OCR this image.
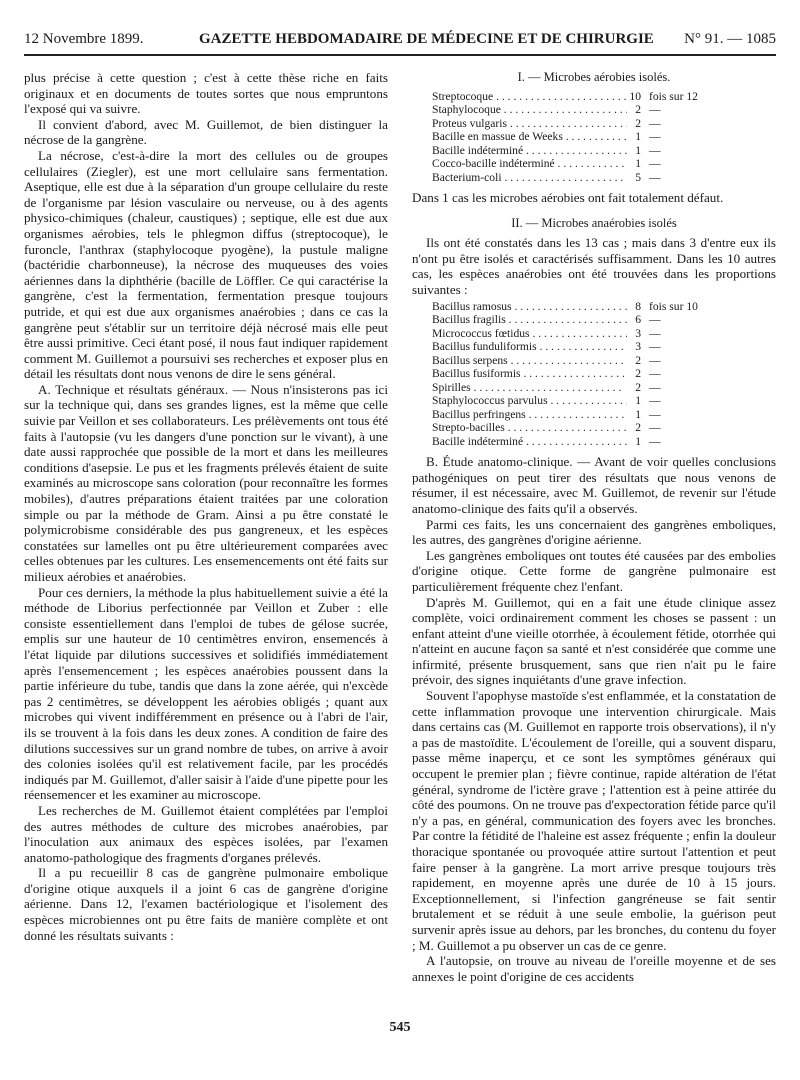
12 Novembre 1899.	GAZETTE HEBDOMADAIRE DE MÉDECINE ET DE CHIRURGIE N° 91. — 1085

plus précise à cette question ; c'est à cette thèse riche en faits originaux et en documents de toutes sortes que nous empruntons l'exposé qui va suivre.

Il convient d'abord, avec M. Guillemot, de bien distinguer la nécrose de la gangrène.

La nécrose, c'est-à-dire la mort des cellules ou de groupes cellulaires (Ziegler), est une mort cellulaire sans fermentation. Aseptique, elle est due à la séparation d'un groupe cellulaire du reste de l'organisme par lésion vasculaire ou nerveuse, ou à des agents physico-chimiques (chaleur, caustiques) ; septique, elle est due aux organismes aérobies, tels le phlegmon diffus (streptocoque), le furoncle, l'anthrax (staphylocoque pyogène), la pustule maligne (bactéridie charbonneuse), la nécrose des muqueuses des voies aériennes dans la diphthérie (bacille de Löffler. Ce qui caractérise la gangrène, c'est la fermentation, fermentation presque toujours putride, et qui est due aux organismes anaérobies ; dans ce cas la gangrène peut s'établir sur un territoire déjà nécrosé mais elle peut être aussi primitive. Ceci étant posé, il nous faut indiquer rapidement comment M. Guillemot a poursuivi ses recherches et exposer plus en détail les résultats dont nous venons de dire le sens général.

A. Technique et résultats généraux. — Nous n'insisterons pas ici sur la technique qui, dans ses grandes lignes, est la même que celle suivie par Veillon et ses collaborateurs. Les prélèvements ont tous été faits à l'autopsie (vu les dangers d'une ponction sur le vivant), à une date aussi rapprochée que possible de la mort et dans les meilleures conditions d'asepsie. Le pus et les fragments prélevés étaient de suite examinés au microscope sans coloration (pour reconnaître les formes mobiles), d'autres préparations étaient traitées par une coloration simple ou par la méthode de Gram. Ainsi a pu être constaté le polymicrobisme considérable des pus gangreneux, et les espèces constatées sur lamelles ont pu être ultérieurement comparées avec celles obtenues par les cultures. Les ensemencements ont été faits sur milieux aérobies et anaérobies.

Pour ces derniers, la méthode la plus habituellement suivie a été la méthode de Liborius perfectionnée par Veillon et Zuber : elle consiste essentiellement dans l'emploi de tubes de gélose sucrée, emplis sur une hauteur de 10 centimètres environ, ensemencés à l'état liquide par dilutions successives et solidifiés immédiatement après l'ensemencement ; les espèces anaérobies poussent dans la partie inférieure du tube, tandis que dans la zone aérée, qui n'excède pas 2 centimètres, se développent les aérobies obligés ; quant aux microbes qui vivent indifféremment en présence ou à l'abri de l'air, ils se trouvent à la fois dans les deux zones. A condition de faire des dilutions successives sur un grand nombre de tubes, on arrive à avoir des colonies isolées qu'il est relativement facile, par les procédés indiqués par M. Guillemot, d'aller saisir à l'aide d'une pipette pour les réensemencer et les examiner au microscope.

Les recherches de M. Guillemot étaient complétées par l'emploi des autres méthodes de culture des microbes anaérobies, par l'inoculation aux animaux des espèces isolées, par l'examen anatomo-pathologique des fragments d'organes prélevés.

Il a pu recueillir 8 cas de gangrène pulmonaire embolique d'origine otique auxquels il a joint 6 cas de gangrène d'origine aérienne. Dans 12, l'examen bactériologique et l'isolement des espèces microbiennes ont pu être faits de manière complète et ont donné les résultats suivants :

I. — Microbes aérobies isolés.
Streptocoque . . .	10 fois sur 12
Staphylocoque . . .	2 —
Proteus vulgaris . . .	2 —
Bacille en massue de Weeks . . .	1 —
Bacille indéterminé . . .	1 —
Cocco-bacille indéterminé . . .	1 —
Bacterium-coli . . .	5 —

Dans 1 cas les microbes aérobies ont fait totalement défaut.

II. — Microbes anaérobies isolés

Ils ont été constatés dans les 13 cas ; mais dans 3 d'entre eux ils n'ont pu être isolés et caractérisés suffisamment. Dans les 10 autres cas, les espèces anaérobies ont été trouvées dans les proportions suivantes :

Bacillus ramosus . . .	8 fois sur 10
Bacillus fragilis . . .	6 —
Micrococcus fœtidus . . .	3 —
Bacillus funduliformis . . .	3 —
Bacillus serpens . . .	2 —
Bacillus fusiformis . . .	2 —
Spirilles . . .	2 —
Staphylococcus parvulus . . .	1 —
Bacillus perfringens . . .	1 —
Strepto-bacilles . . .	2 —
Bacille indéterminé . . .	1 —

B. Étude anatomo-clinique. — Avant de voir quelles conclusions pathogéniques on peut tirer des résultats que nous venons de résumer, il est nécessaire, avec M. Guillemot, de revenir sur l'étude anatomo-clinique des faits qu'il a observés.

Parmi ces faits, les uns concernaient des gangrènes emboliques, les autres, des gangrènes d'origine aérienne.

Les gangrènes emboliques ont toutes été causées par des embolies d'origine otique. Cette forme de gangrène pulmonaire est particulièrement fréquente chez l'enfant.

D'après M. Guillemot, qui en a fait une étude clinique assez complète, voici ordinairement comment les choses se passent : un enfant atteint d'une vieille otorrhée, à écoulement fétide, otorrhée qui n'atteint en aucune façon sa santé et n'est considérée que comme une infirmité, présente brusquement, sans que rien n'ait pu le faire prévoir, des signes inquiétants d'une grave infection.

Souvent l'apophyse mastoïde s'est enflammée, et la constatation de cette inflammation provoque une intervention chirurgicale. Mais dans certains cas (M. Guillemot en rapporte trois observations), il n'y a pas de mastoïdite. L'écoulement de l'oreille, qui a souvent disparu, passe même inaperçu, et ce sont les symptômes généraux qui occupent le premier plan ; fièvre continue, rapide altération de l'état général, syndrome de l'ictère grave ; l'attention est à peine attirée du côté des poumons. On ne trouve pas d'expectoration fétide parce qu'il n'y a pas, en général, communication des foyers avec les bronches. Par contre la fétidité de l'haleine est assez fréquente ; enfin la douleur thoracique spontanée ou provoquée attire surtout l'attention et peut faire penser à la gangrène. La mort arrive presque toujours très rapidement, en moyenne après une durée de 10 à 15 jours. Exceptionnellement, si l'infection gangréneuse se fait sentir brutalement et se réduit à une seule embolie, la guérison peut survenir après issue au dehors, par les bronches, du contenu du foyer ; M. Guillemot a pu observer un cas de ce genre.

A l'autopsie, on trouve au niveau de l'oreille moyenne et de ses annexes le point d'origine de ces accidents

545
